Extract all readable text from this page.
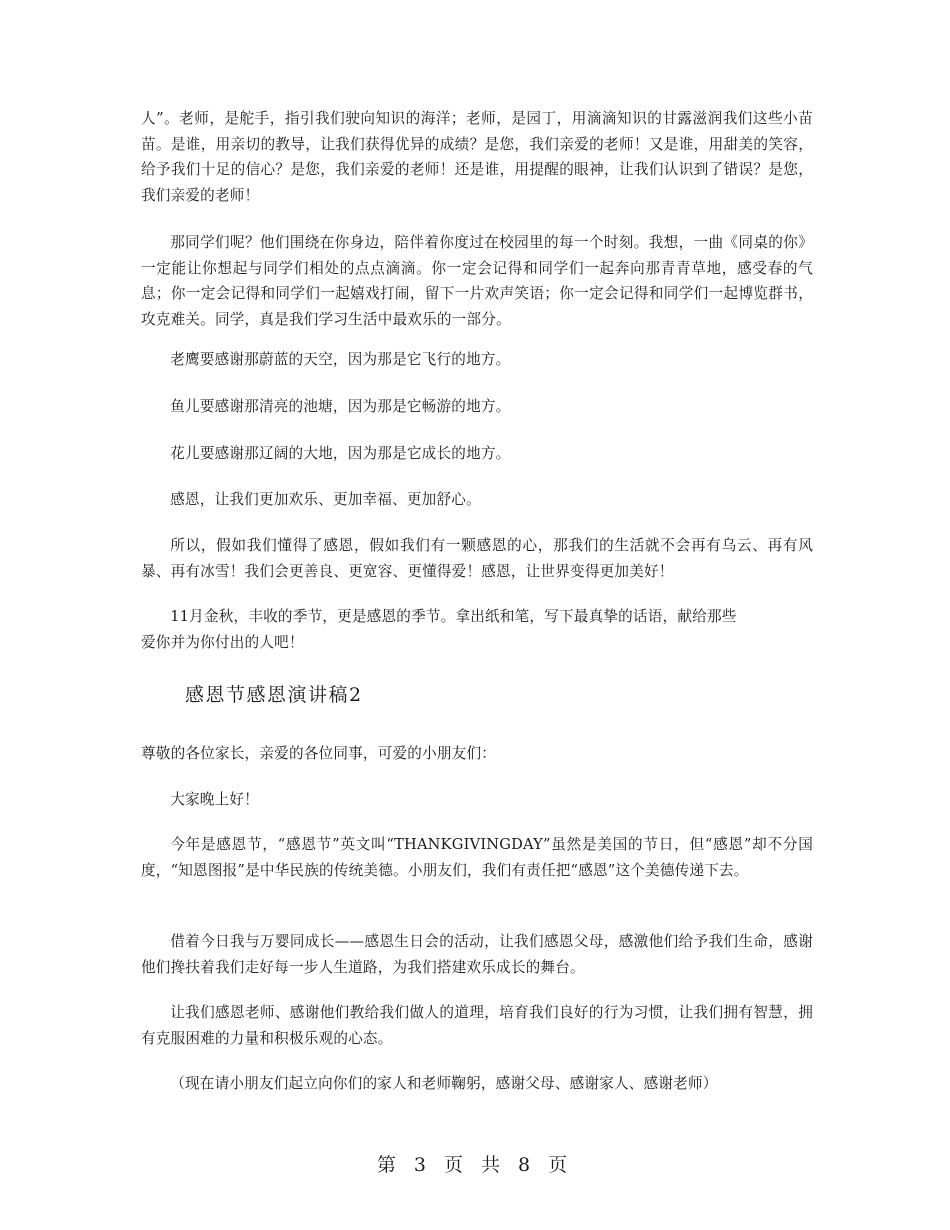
人”。老师，是舵手，指引我们驶向知识的海洋；老师，是园丁，用滴滴知识的甘露滋润我们这些小苗苗。是谁，用亲切的教导，让我们获得优异的成绩？是您，我们亲爱的老师！又是谁，用甜美的笑容，给予我们十足的信心？是您，我们亲爱的老师！还是谁，用提醒的眼神，让我们认识到了错误？是您，我们亲爱的老师！

那同学们呢？他们围绕在你身边，陪伴着你度过在校园里的每一个时刻。我想，一曲《同桌的你》一定能让你想起与同学们相处的点点滴滴。你一定会记得和同学们一起奔向那青青草地，感受春的气息；你一定会记得和同学们一起嬉戏打闹，留下一片欢声笑语；你一定会记得和同学们一起博览群书，攻克难关。同学，真是我们学习生活中最欢乐的一部分。

老鹰要感谢那蔚蓝的天空，因为那是它飞行的地方。

鱼儿要感谢那清亮的池塘，因为那是它畅游的地方。

花儿要感谢那辽阔的大地，因为那是它成长的地方。

感恩，让我们更加欢乐、更加幸福、更加舒心。

所以，假如我们懂得了感恩，假如我们有一颗感恩的心，那我们的生活就不会再有乌云、再有风暴、再有冰雪！我们会更善良、更宽容、更懂得爱！感恩，让世界变得更加美好！

11月金秋，丰收的季节，更是感恩的季节。拿出纸和笔，写下最真挚的话语，献给那些
爱你并为你付出的人吧！
感恩节感恩演讲稿2

尊敬的各位家长，亲爱的各位同事，可爱的小朋友们：

大家晚上好！

今年是感恩节，“感恩节”英文叫“THANKGIVINGDAY”虽然是美国的节日，但“感恩”却不分国度，“知恩图报”是中华民族的传统美德。小朋友们，我们有责任把“感恩”这个美德传递下去。

借着今日我与万婴同成长——感恩生日会的活动，让我们感恩父母，感激他们给予我们生命，感谢他们搀扶着我们走好每一步人生道路，为我们搭建欢乐成长的舞台。

让我们感恩老师、感谢他们教给我们做人的道理，培育我们良好的行为习惯，让我们拥有智慧，拥有克服困难的力量和积极乐观的心态。

（现在请小朋友们起立向你们的家人和老师鞠躬，感谢父母、感谢家人、感谢老师）

第 3 页 共 8 页
